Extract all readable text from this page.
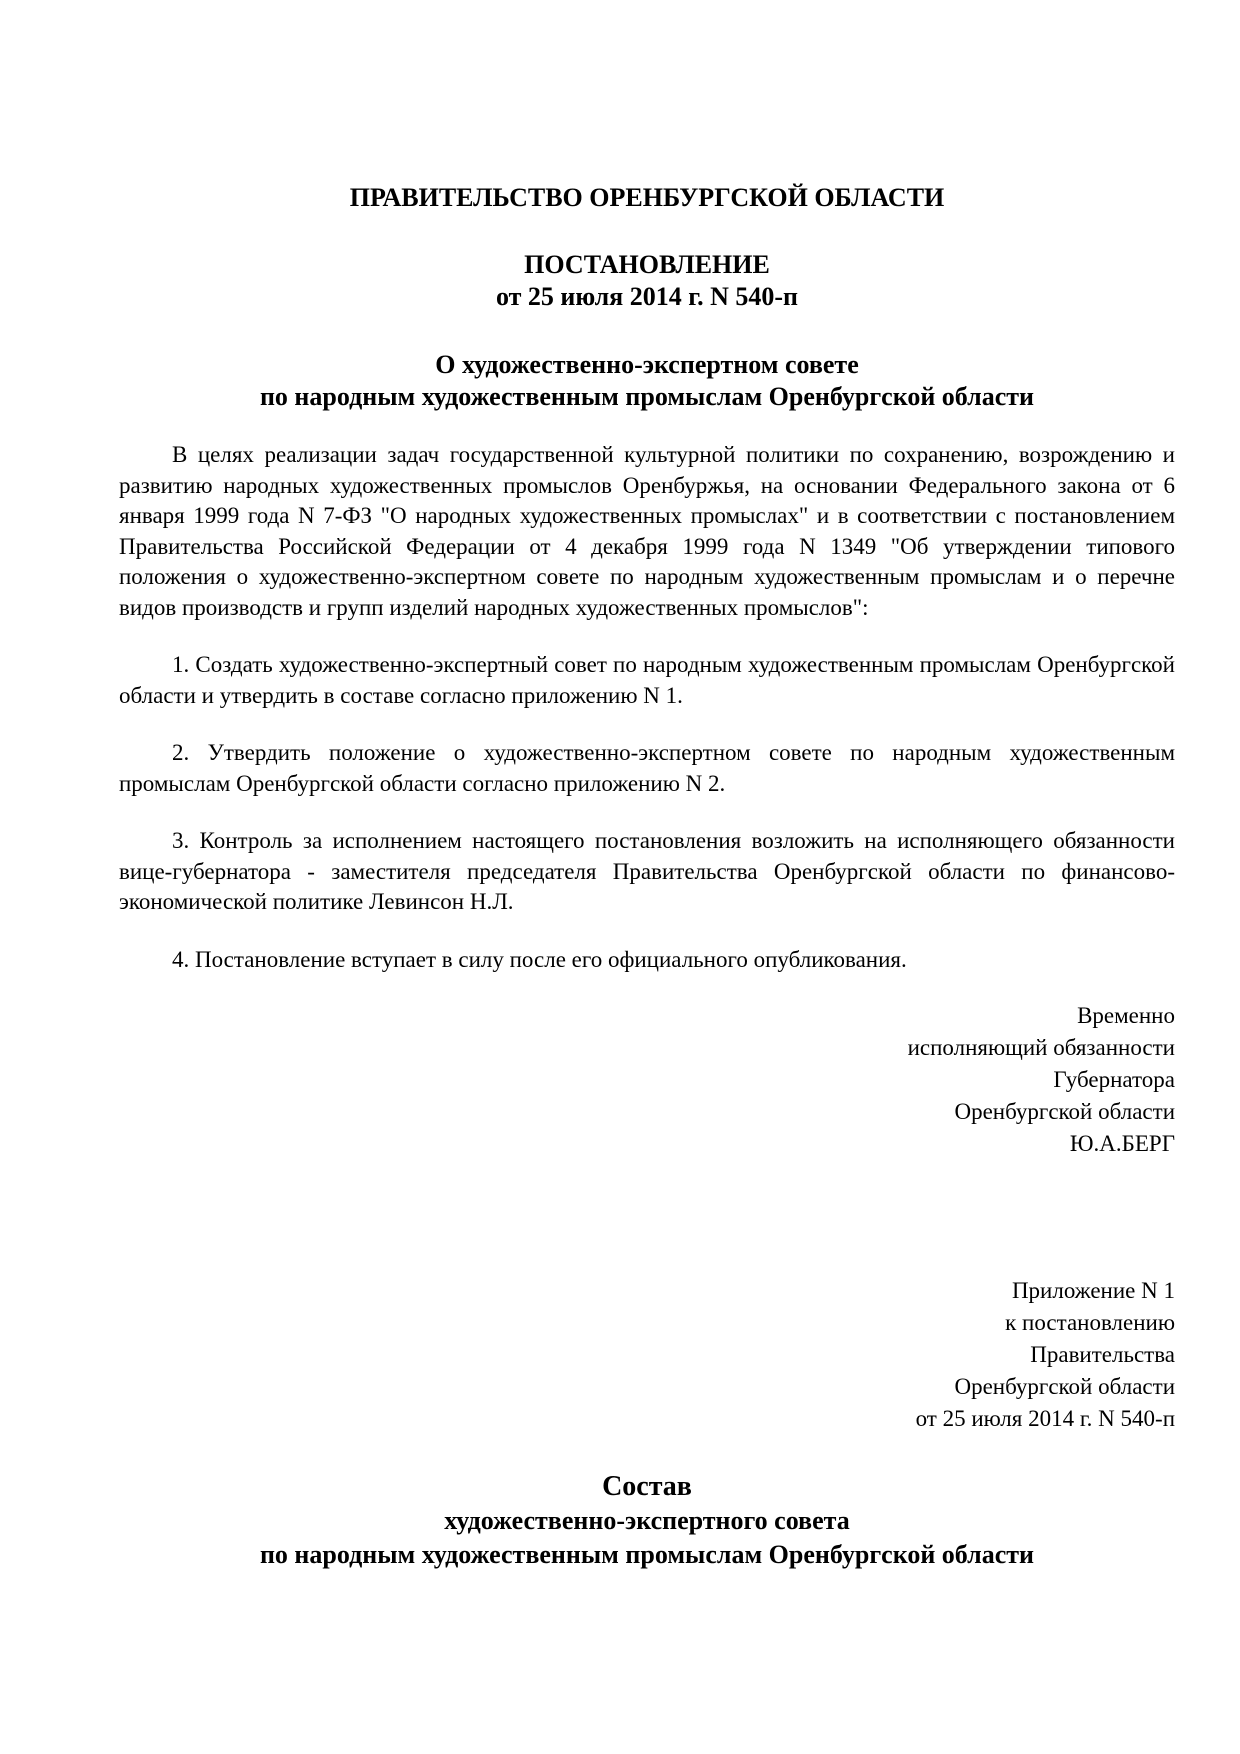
ПРАВИТЕЛЬСТВО ОРЕНБУРГСКОЙ ОБЛАСТИ

ПОСТАНОВЛЕНИЕ
от 25 июля 2014 г. N 540-п
О художественно-экспертном совете
по народным художественным промыслам Оренбургской области

В целях реализации задач государственной культурной политики по сохранению, возрождению и развитию народных художественных промыслов Оренбуржья, на основании Федерального закона от 6 января 1999 года N 7-ФЗ "О народных художественных промыслах" и в соответствии с постановлением Правительства Российской Федерации от 4 декабря 1999 года N 1349 "Об утверждении типового положения о художественно-экспертном совете по народным художественным промыслам и о перечне видов производств и групп изделий народных художественных промыслов":

1. Создать художественно-экспертный совет по народным художественным промыслам Оренбургской области и утвердить в составе согласно приложению N 1.

2. Утвердить положение о художественно-экспертном совете по народным художественным промыслам Оренбургской области согласно приложению N 2.

3. Контроль за исполнением настоящего постановления возложить на исполняющего обязанности вице-губернатора - заместителя председателя Правительства Оренбургской области по финансово-экономической политике Левинсон Н.Л.

4. Постановление вступает в силу после его официального опубликования.

Временно
исполняющий обязанности
Губернатора
Оренбургской области
Ю.А.БЕРГ
Приложение N 1
к постановлению
Правительства
Оренбургской области
от 25 июля 2014 г. N 540-п
Состав
художественно-экспертного совета
по народным художественным промыслам Оренбургской области
